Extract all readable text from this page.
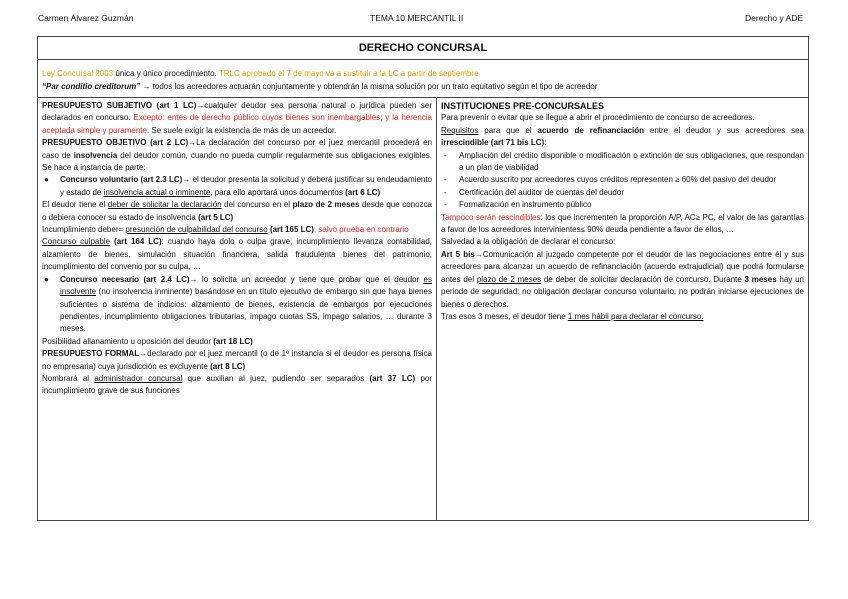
Carmen Álvarez Guzmán	TEMA 10 MERCANTIL II	Derecho y ADE
DERECHO CONCURSAL
Ley Concursal 2003 única y único procedimiento. TRLC aprobado el 7 de mayo va a sustituir a la LC a partir de septiembre
“Par conditio creditorum” → todos los acreedores actuarán conjuntamente y obtendrán la misma solución por un trato equitativo según el tipo de acreedor

PRESUPUESTO SUBJETIVO (art 1 LC)→cualquier deudor sea persona natural o jurídica pueden ser declarados en concurso. Excepto: entes de derecho público cuyos bienes son inembargables; y la herencia aceptada simple y puramente. Se suele exigir la existencia de más de un acreedor.

PRESUPUESTO OBJETIVO (art 2 LC)→La declaración del concurso por el juez mercantil procederá en caso de insolvencia del deudor común, cuando no pueda cumplir regularmente sus obligaciones exigibles. Se hace a instancia de parte:

● Concurso voluntario (art 2.3 LC)→ el deudor presenta la solicitud y deberá justificar su endeudamiento y estado de insolvencia actual o inminente, para ello aportará unos documentos (art 6 LC)

El deudor tiene el deber de solicitar la declaración del concurso en el plazo de 2 meses desde que conozca o debiera conocer su estado de insolvencia (art 5 LC)

Incumplimiento deber= presunción de culpabilidad del concurso (art 165 LC), salvo prueba en contrario

Concurso culpable (art 164 LC): cuando haya dolo o culpa grave, incumplimiento llevanza contabilidad, alzamiento de bienes, simulación situación financiera, salida fraudulenta bienes del patrimonio, incumplimiento del convenio por su culpa, …

● Concurso necesario (art 2.4 LC)→ lo solicita un acreedor y tiene que probar que el deudor es insolvente (no insolvencia inminente) basándose en un título ejecutivo de embargo sin que haya bienes suficientes o sistema de indicios: alzamiento de bienes, existencia de embargos por ejecuciones pendientes, incumplimiento obligaciones tributarias, impago cuotas SS, impago salarios, … durante 3 meses.

Posibilidad allanamiento u oposición del deudor (art 18 LC)

PRESUPUESTO FORMAL→declarado por el juez mercantil (o de 1ª instancia si el deudor es persona física no empresaria) cuya jurisdicción es excluyente (art 8 LC)

Nombrará al administrador concursal que auxilian al juez, pudiendo ser separados (art 37 LC) por incumplimiento grave de sus funciones

INSTITUCIONES PRE-CONCURSALES

Para prevenir o evitar que se llegue a abrir el procedimiento de concurso de acreedores.

Requisitos para que el acuerdo de refinanciación entre el deudor y sus acreedores sea irrescindible (art 71 bis LC):

- Ampliación del crédito disponible o modificación o extinción de sus obligaciones, que respondan a un plan de viabilidad

- Acuerdo suscrito por acreedores cuyos créditos representen ≥ 60% del pasivo del deudor

- Certificación del auditor de cuentas del deudor

- Formalización en instrumento público

Tampoco serán rescindibles: los que incrementen la proporción A/P, AC≥ PC, el valor de las garantías a favor de los acreedores intervinientes≤ 90% deuda pendiente a favor de ellos, …

Salvedad a la obligación de declarar el concurso:

Art 5 bis→Comunicación al juzgado competente por el deudor de las negociaciones entre él y sus acreedores para alcanzar un acuerdo de refinanciación (acuerdo extrajudicial) que podrá formularse antes del plazo de 2 meses de deber de solicitar declaración de concurso. Durante 3 meses hay un periodo de seguridad: no obligación declarar concurso voluntario, no podrán iniciarse ejecuciones de bienes o derechos.

Tras esos 3 meses, el deudor tiene 1 mes hábil para declarar el concurso.
